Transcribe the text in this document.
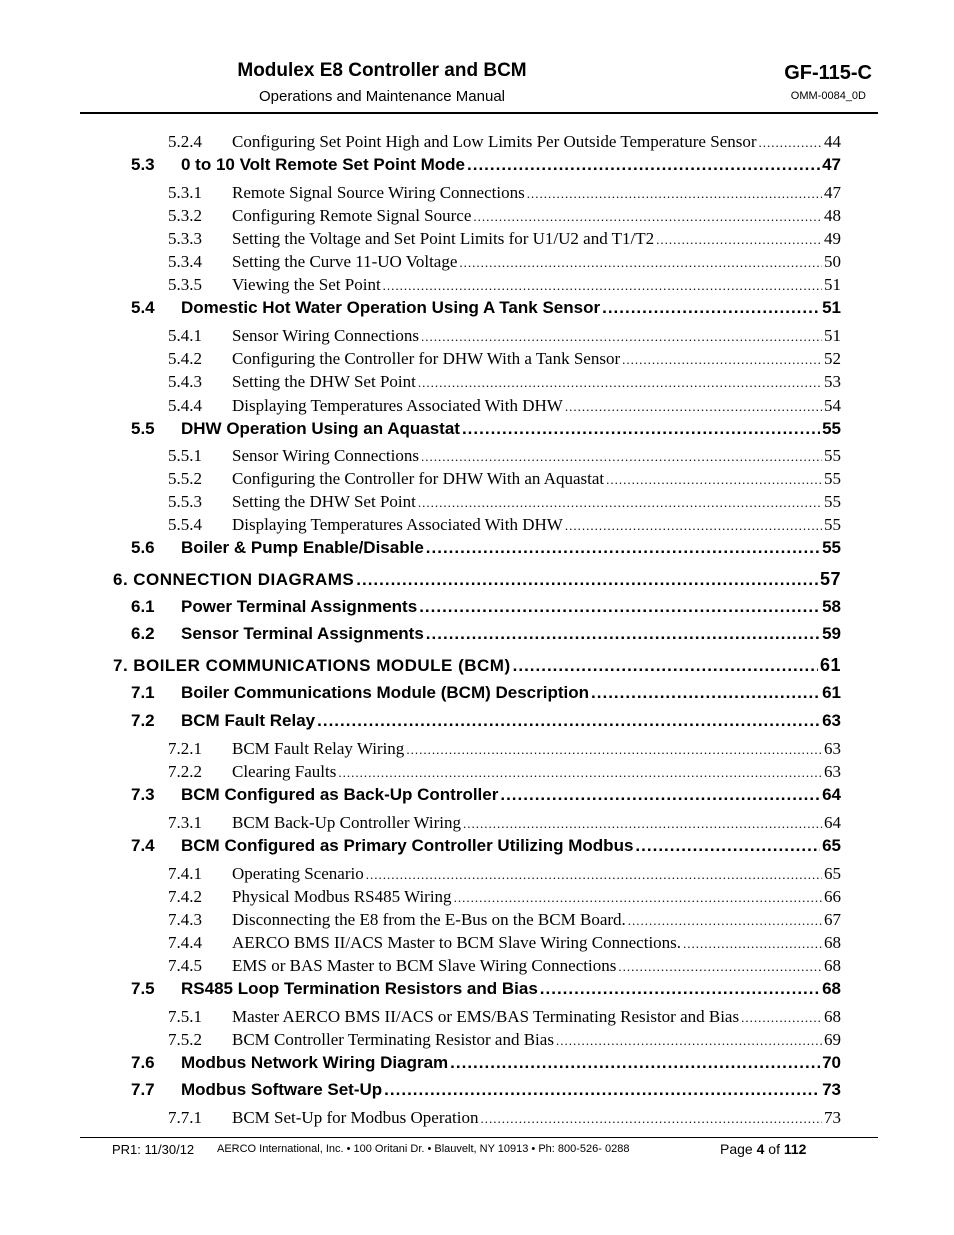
Modulex E8 Controller and BCM
Operations and Maintenance Manual
GF-115-C
OMM-0084_0D
5.2.4	Configuring Set Point High and Low Limits Per Outside Temperature Sensor .....	44
5.3	0 to 10 Volt Remote Set Point Mode .....	47
5.3.1	Remote Signal Source Wiring Connections .....	47
5.3.2	Configuring Remote Signal Source .....	48
5.3.3	Setting the Voltage and Set Point Limits for U1/U2 and T1/T2 .....	49
5.3.4	Setting the Curve 11-UO Voltage .....	50
5.3.5	Viewing the Set Point .....	51
5.4	Domestic Hot Water Operation Using A Tank Sensor .....	51
5.4.1	Sensor Wiring Connections .....	51
5.4.2	Configuring the Controller for DHW With a Tank Sensor .....	52
5.4.3	Setting the DHW Set Point .....	53
5.4.4	Displaying Temperatures Associated With DHW .....	54
5.5	DHW Operation Using an Aquastat .....	55
5.5.1	Sensor Wiring Connections .....	55
5.5.2	Configuring the Controller for DHW With an Aquastat .....	55
5.5.3	Setting the DHW Set Point .....	55
5.5.4	Displaying Temperatures Associated With DHW .....	55
5.6	Boiler & Pump Enable/Disable .....	55
6. CONNECTION DIAGRAMS .....	57
6.1	Power Terminal Assignments .....	58
6.2	Sensor Terminal Assignments .....	59
7. BOILER COMMUNICATIONS MODULE (BCM) .....	61
7.1	Boiler Communications Module (BCM) Description .....	61
7.2	BCM Fault Relay .....	63
7.2.1	BCM Fault Relay Wiring .....	63
7.2.2	Clearing Faults .....	63
7.3	BCM Configured as Back-Up Controller .....	64
7.3.1	BCM Back-Up Controller Wiring .....	64
7.4	BCM Configured as Primary Controller Utilizing Modbus .....	65
7.4.1	Operating Scenario .....	65
7.4.2	Physical Modbus RS485 Wiring .....	66
7.4.3	Disconnecting the E8 from the E-Bus on the BCM Board. .....	67
7.4.4	AERCO BMS II/ACS Master to BCM Slave Wiring Connections. .....	68
7.4.5	EMS or BAS Master to BCM Slave Wiring Connections .....	68
7.5	RS485 Loop Termination Resistors and Bias .....	68
7.5.1	Master AERCO BMS II/ACS or EMS/BAS Terminating Resistor and Bias .....	68
7.5.2	BCM Controller Terminating Resistor and Bias .....	69
7.6	Modbus Network Wiring Diagram .....	70
7.7	Modbus Software Set-Up .....	73
7.7.1	BCM Set-Up for Modbus Operation .....	73
PR1: 11/30/12 AERCO International, Inc. • 100 Oritani Dr. • Blauvelt, NY 10913 • Ph: 800-526- 0288	Page 4 of 112
